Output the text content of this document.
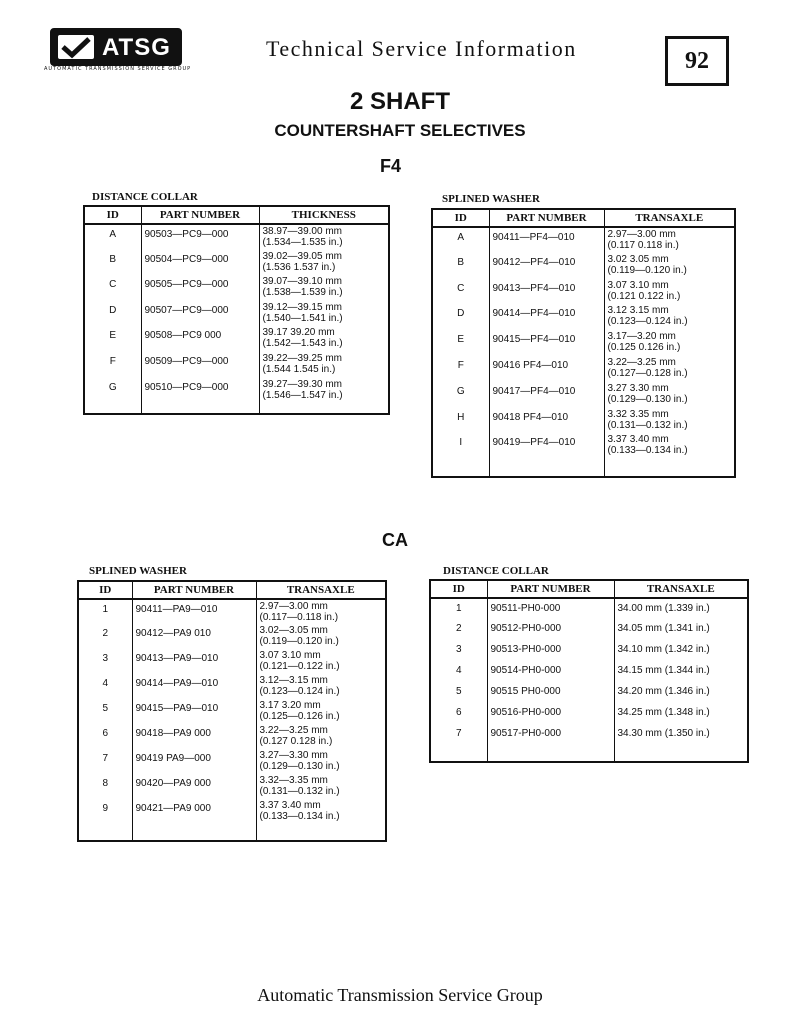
ATSG
AUTOMATIC TRANSMISSION SERVICE GROUP
Technical Service Information	92
2 SHAFT
COUNTERSHAFT SELECTIVES
F4
DISTANCE COLLAR
ID	PART NUMBER	THICKNESS
A	90503—PC9—000	38.97—39.00 mm
(1.534—1.535 in.)

B	90504—PC9—000	39.02—39.05 mm
(1.536 1.537 in.)

C	90505—PC9—000	39.07—39.10 mm
(1.538—1.539 in.)

D	90507—PC9—000	39.12—39.15 mm
(1.540—1.541 in.)

E	90508—PC9 000	39.17 39.20 mm
(1.542—1.543 in.)

F	90509—PC9—000	39.22—39.25 mm
(1.544 1.545 in.)

G	90510—PC9—000	39.27—39.30 mm
(1.546—1.547 in.)

SPLINED WASHER
ID	PART NUMBER	TRANSAXLE
A	90411—PF4—010	2.97—3.00 mm
(0.117 0.118 in.)

B	90412—PF4—010	3.02 3.05 mm
(0.119—0.120 in.)

C	90413—PF4—010	3.07 3.10 mm
(0.121 0.122 in.)

D	90414—PF4—010	3.12 3.15 mm
(0.123—0.124 in.)

E	90415—PF4—010	3.17—3.20 mm
(0.125 0.126 in.)

F	90416 PF4—010	3.22—3.25 mm
(0.127—0.128 in.)

G	90417—PF4—010	3.27 3.30 mm
(0.129—0.130 in.)

H	90418 PF4—010	3.32 3.35 mm
(0.131—0.132 in.)

I	90419—PF4—010	3.37 3.40 mm
(0.133—0.134 in.)

CA
SPLINED WASHER
ID	PART NUMBER	TRANSAXLE
1	90411—PA9—010	2.97—3.00 mm
(0.117—0.118 in.)

2	90412—PA9 010	3.02—3.05 mm
(0.119—0.120 in.)

3	90413—PA9—010	3.07 3.10 mm
(0.121—0.122 in.)

4	90414—PA9—010	3.12—3.15 mm
(0.123—0.124 in.)

5	90415—PA9—010	3.17 3.20 mm
(0.125—0.126 in.)

6	90418—PA9 000	3.22—3.25 mm
(0.127 0.128 in.)

7	90419 PA9—000	3.27—3.30 mm
(0.129—0.130 in.)

8	90420—PA9 000	3.32—3.35 mm
(0.131—0.132 in.)

9	90421—PA9 000	3.37 3.40 mm
(0.133—0.134 in.)

DISTANCE COLLAR
ID	PART NUMBER	TRANSAXLE
1	90511-PH0-000	34.00 mm (1.339 in.)
2	90512-PH0-000	34.05 mm (1.341 in.)
3	90513-PH0-000	34.10 mm (1.342 in.)
4	90514-PH0-000	34.15 mm (1.344 in.)
5	90515 PH0-000	34.20 mm (1.346 in.)
6	90516-PH0-000	34.25 mm (1.348 in.)
7	90517-PH0-000	34.30 mm (1.350 in.)

Automatic Transmission Service Group
